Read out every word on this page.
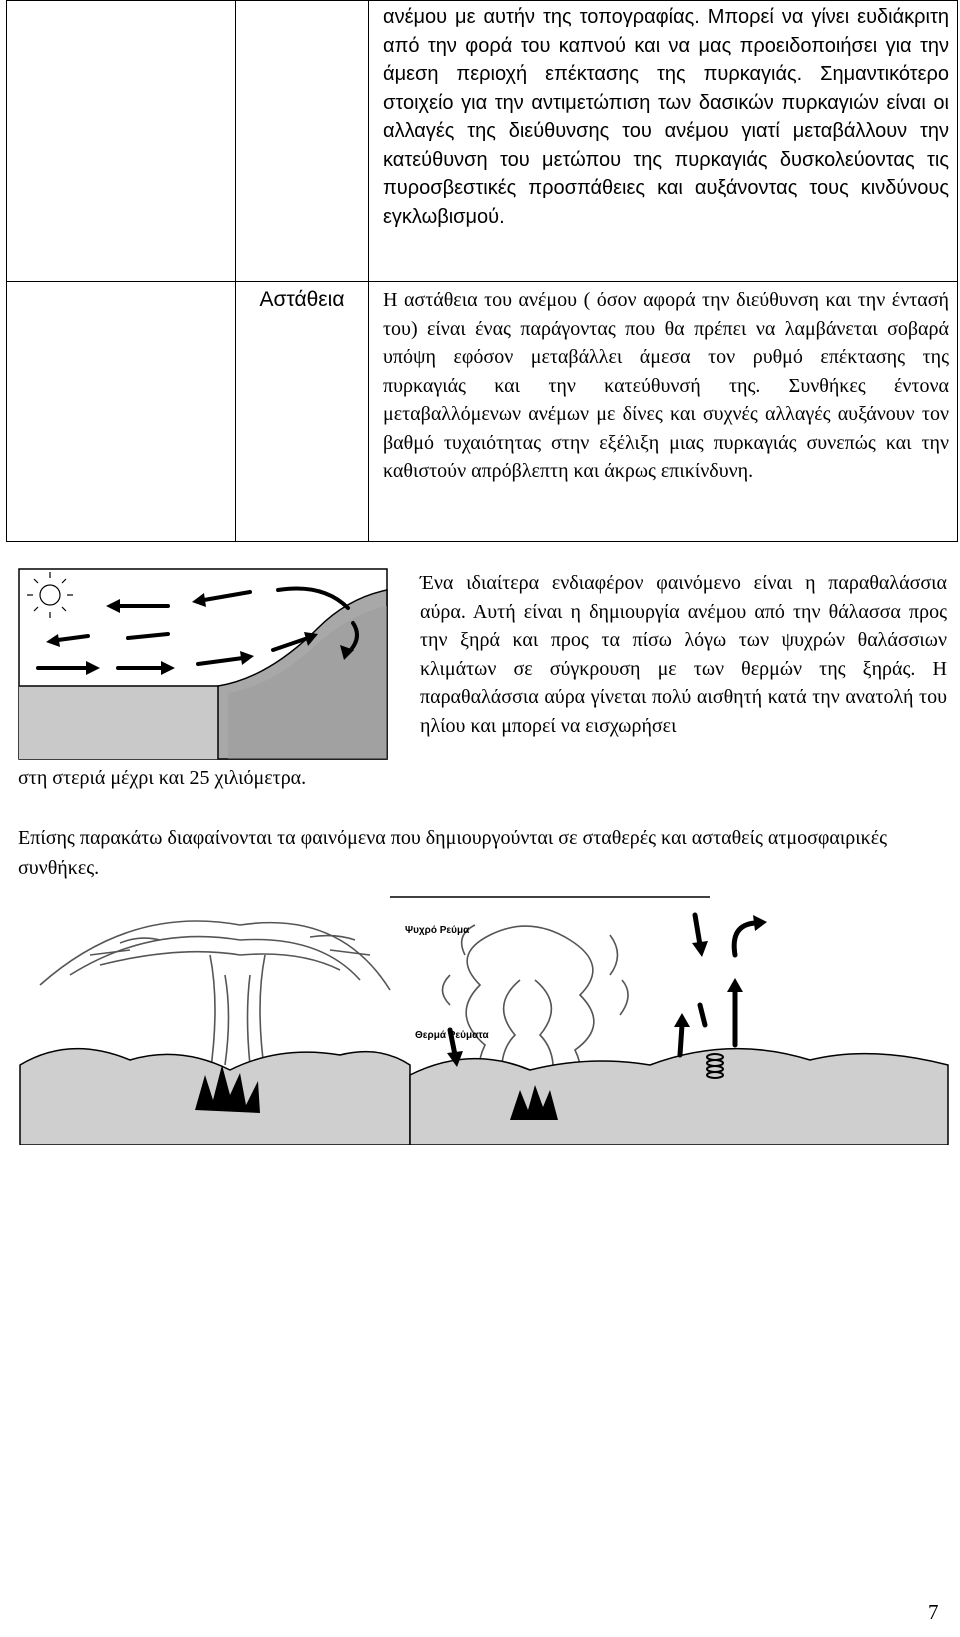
		ανέμου με αυτήν της τοπογραφίας. Μπορεί να γίνει ευδιάκριτη από την φορά του καπνού και να μας προειδοποιήσει για την άμεση περιοχή επέκτασης της πυρκαγιάς. Σημαντικότερο στοιχείο για την αντιμετώπιση των δασικών πυρκαγιών είναι οι αλλαγές της διεύθυνσης του ανέμου γιατί μεταβάλλουν την κατεύθυνση του μετώπου της πυρκαγιάς δυσκολεύοντας τις πυροσβεστικές προσπάθειες και αυξάνοντας τους κινδύνους εγκλωβισμού.

	Αστάθεια	Η αστάθεια του ανέμου ( όσον αφορά την διεύθυνση και την έντασή του) είναι ένας παράγοντας που θα πρέπει να λαμβάνεται σοβαρά υπόψη εφόσον μεταβάλλει άμεσα τον ρυθμό επέκτασης της πυρκαγιάς και την κατεύθυνσή της. Συνθήκες έντονα μεταβαλλόμενων ανέμων με δίνες και συχνές αλλαγές αυξάνουν τον βαθμό τυχαιότητας στην εξέλιξη μιας πυρκαγιάς συνεπώς και την καθιστούν απρόβλεπτη και άκρως επικίνδυνη.

Ένα ιδιαίτερα ενδιαφέρον φαινόμενο είναι η παραθαλάσσια αύρα. Αυτή είναι η δημιουργία ανέμου από την θάλασσα προς την ξηρά και προς τα πίσω λόγω των ψυχρών θαλάσσιων κλιμάτων σε σύγκρουση με των θερμών της ξηράς. Η παραθαλάσσια αύρα γίνεται πολύ αισθητή κατά την ανατολή του ηλίου και μπορεί να εισχωρήσει

στη στεριά μέχρι και 25 χιλιόμετρα.

Επίσης παρακάτω διαφαίνονται τα φαινόμενα που δημιουργούνται σε σταθερές και ασταθείς ατμοσφαιρικές συνθήκες.

Ψυχρό Ρεύμα
Θερμά Ρεύματα

7
